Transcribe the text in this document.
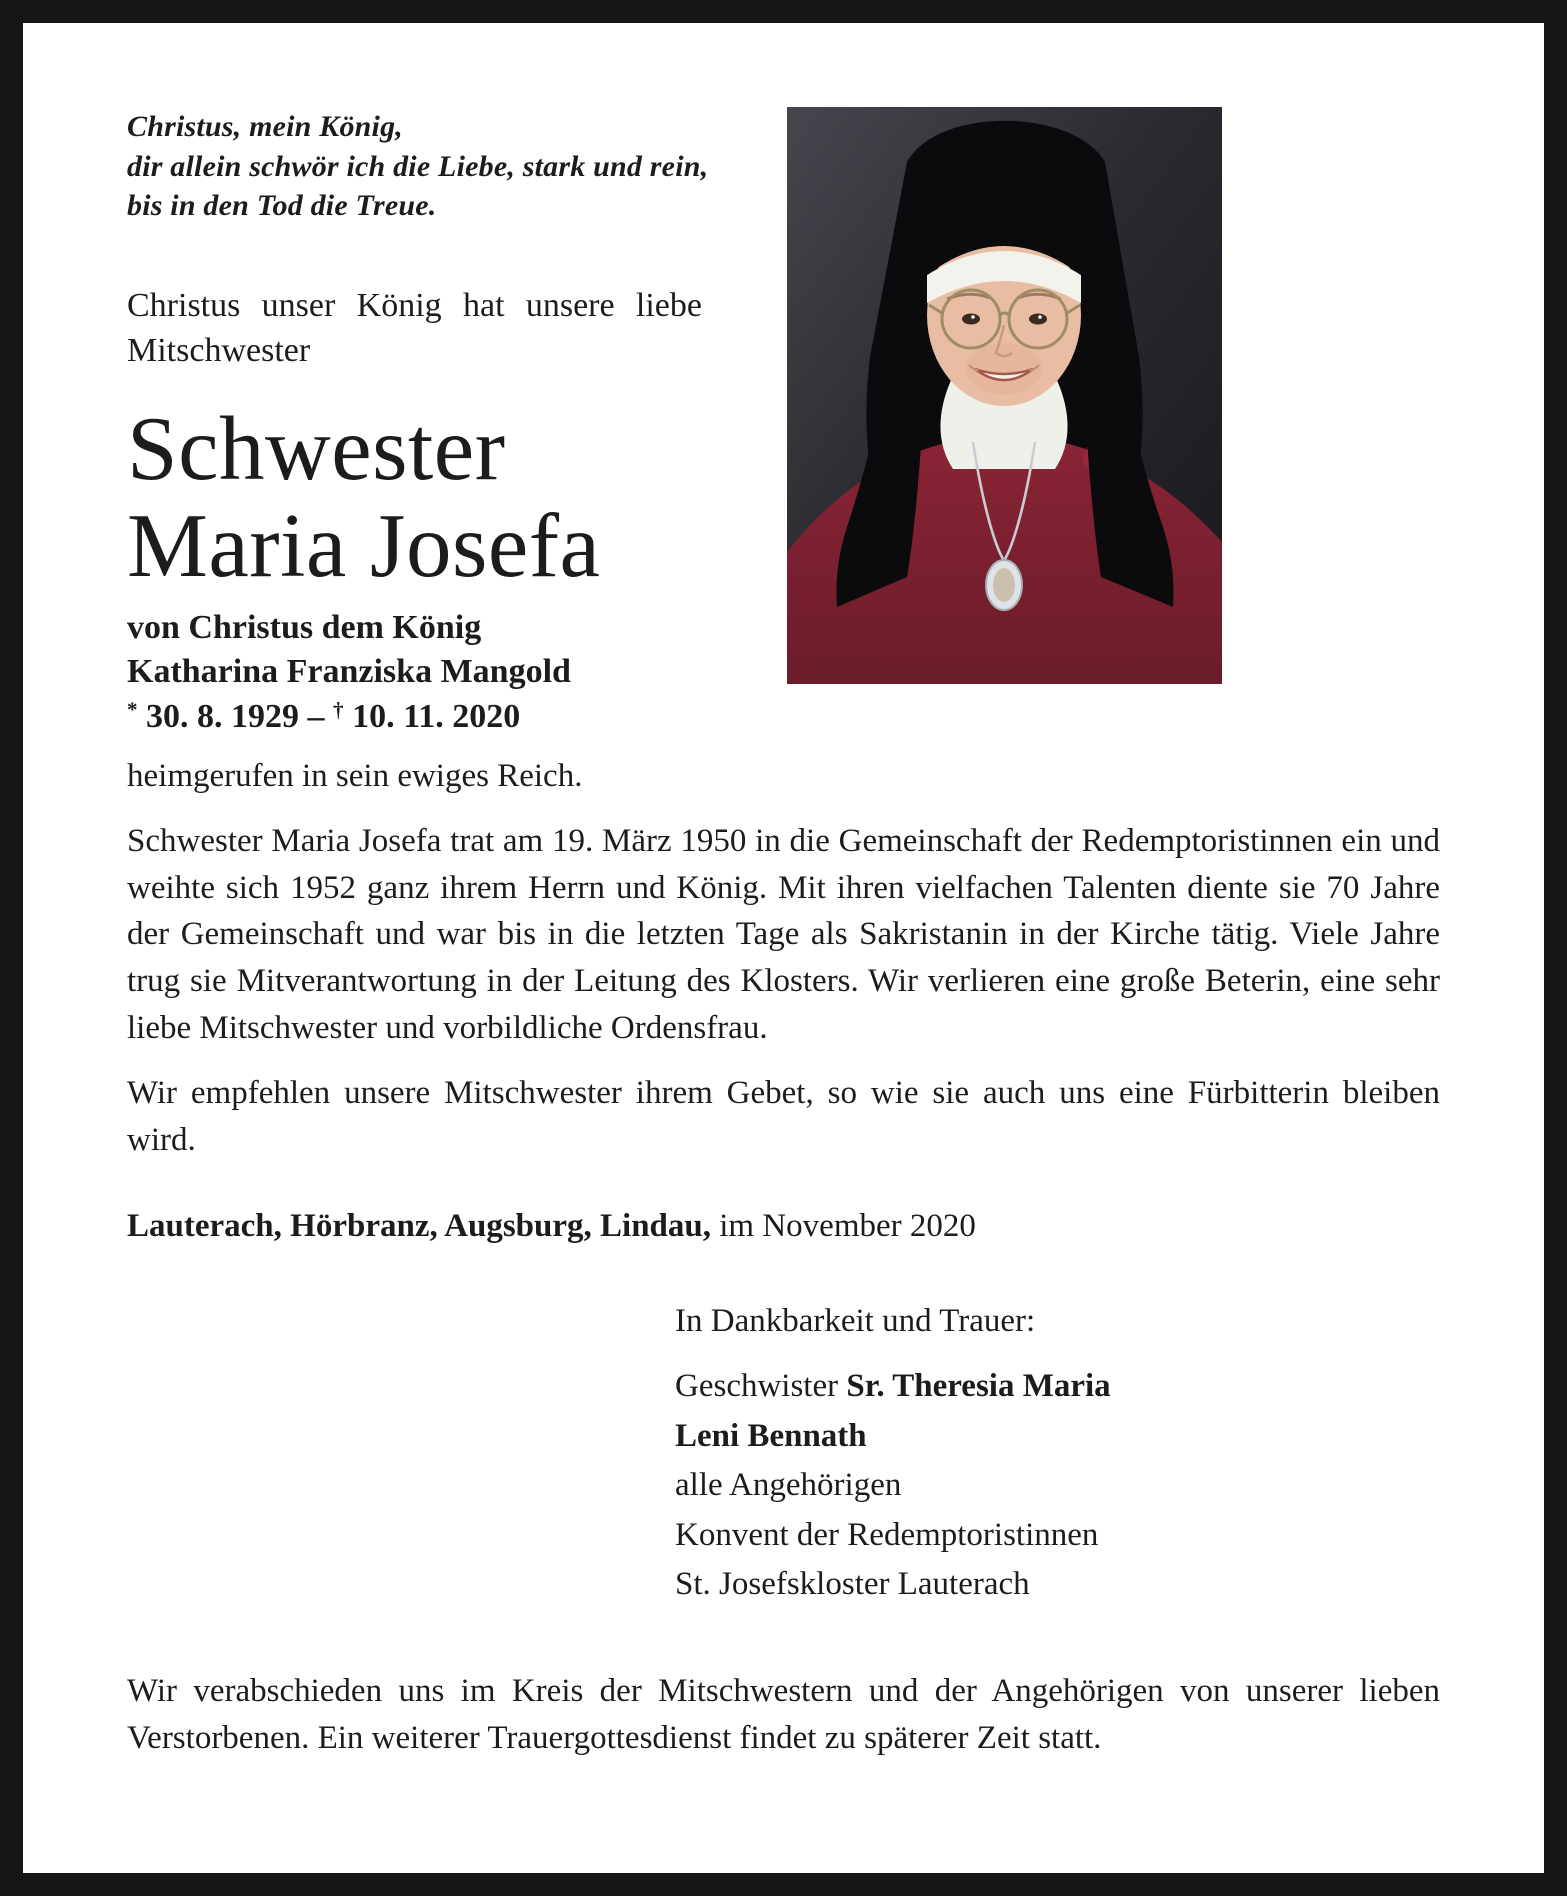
Christus, mein König,
dir allein schwör ich die Liebe, stark und rein,
bis in den Tod die Treue.
Christus unser König hat unsere liebe Mitschwester
Schwester
Maria Josefa
von Christus dem König
Katharina Franziska Mangold
* 30. 8. 1929 – † 10. 11. 2020
heimgerufen in sein ewiges Reich.
Schwester Maria Josefa trat am 19. März 1950 in die Gemeinschaft der Redemptoristinnen ein und weihte sich 1952 ganz ihrem Herrn und König. Mit ihren vielfachen Talenten diente sie 70 Jahre der Gemeinschaft und war bis in die letzten Tage als Sakristanin in der Kirche tätig. Viele Jahre trug sie Mitverantwortung in der Leitung des Klosters. Wir verlieren eine große Beterin, eine sehr liebe Mitschwester und vorbildliche Ordensfrau.
Wir empfehlen unsere Mitschwester ihrem Gebet, so wie sie auch uns eine Fürbitterin bleiben wird.
Lauterach, Hörbranz, Augsburg, Lindau, im November 2020
In Dankbarkeit und Trauer:
Geschwister Sr. Theresia Maria
Leni Bennath
alle Angehörigen
Konvent der Redemptoristinnen
St. Josefskloster Lauterach
Wir verabschieden uns im Kreis der Mitschwestern und der Angehörigen von unserer lieben Verstorbenen. Ein weiterer Trauergottesdienst findet zu späterer Zeit statt.
